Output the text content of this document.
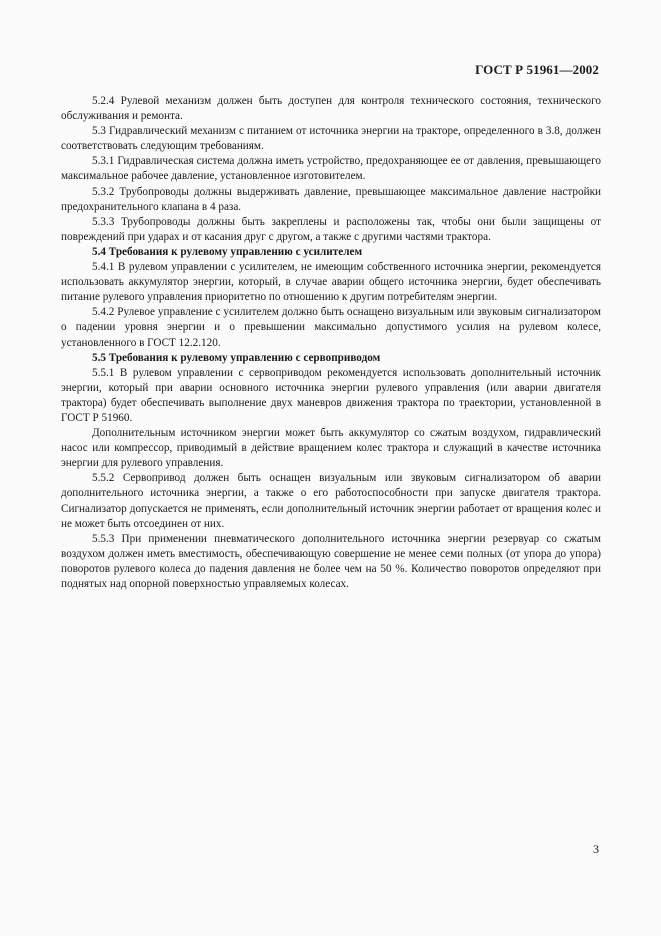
ГОСТ Р 51961—2002

5.2.4 Рулевой механизм должен быть доступен для контроля технического состояния, технического обслуживания и ремонта.

5.3 Гидравлический механизм с питанием от источника энергии на тракторе, определенного в 3.8, должен соответствовать следующим требованиям.

5.3.1 Гидравлическая система должна иметь устройство, предохраняющее ее от давления, превышающего максимальное рабочее давление, установленное изготовителем.

5.3.2 Трубопроводы должны выдерживать давление, превышающее максимальное давление настройки предохранительного клапана в 4 раза.

5.3.3 Трубопроводы должны быть закреплены и расположены так, чтобы они были защищены от повреждений при ударах и от касания друг с другом, а также с другими частями трактора.

5.4 Требования к рулевому управлению с усилителем

5.4.1 В рулевом управлении с усилителем, не имеющим собственного источника энергии, рекомендуется использовать аккумулятор энергии, который, в случае аварии общего источника энергии, будет обеспечивать питание рулевого управления приоритетно по отношению к другим потребителям энергии.

5.4.2 Рулевое управление с усилителем должно быть оснащено визуальным или звуковым сигнализатором о падении уровня энергии и о превышении максимально допустимого усилия на рулевом колесе, установленного в ГОСТ 12.2.120.

5.5 Требования к рулевому управлению с сервоприводом

5.5.1 В рулевом управлении с сервоприводом рекомендуется использовать дополнительный источник энергии, который при аварии основного источника энергии рулевого управления (или аварии двигателя трактора) будет обеспечивать выполнение двух маневров движения трактора по траектории, установленной в ГОСТ Р 51960.

Дополнительным источником энергии может быть аккумулятор со сжатым воздухом, гидравлический насос или компрессор, приводимый в действие вращением колес трактора и служащий в качестве источника энергии для рулевого управления.

5.5.2 Сервопривод должен быть оснащен визуальным или звуковым сигнализатором об аварии дополнительного источника энергии, а также о его работоспособности при запуске двигателя трактора. Сигнализатор допускается не применять, если дополнительный источник энергии работает от вращения колес и не может быть отсоединен от них.

5.5.3 При применении пневматического дополнительного источника энергии резервуар со сжатым воздухом должен иметь вместимость, обеспечивающую совершение не менее семи полных (от упора до упора) поворотов рулевого колеса до падения давления не более чем на 50 %. Количество поворотов определяют при поднятых над опорной поверхностью управляемых колесах.

3
